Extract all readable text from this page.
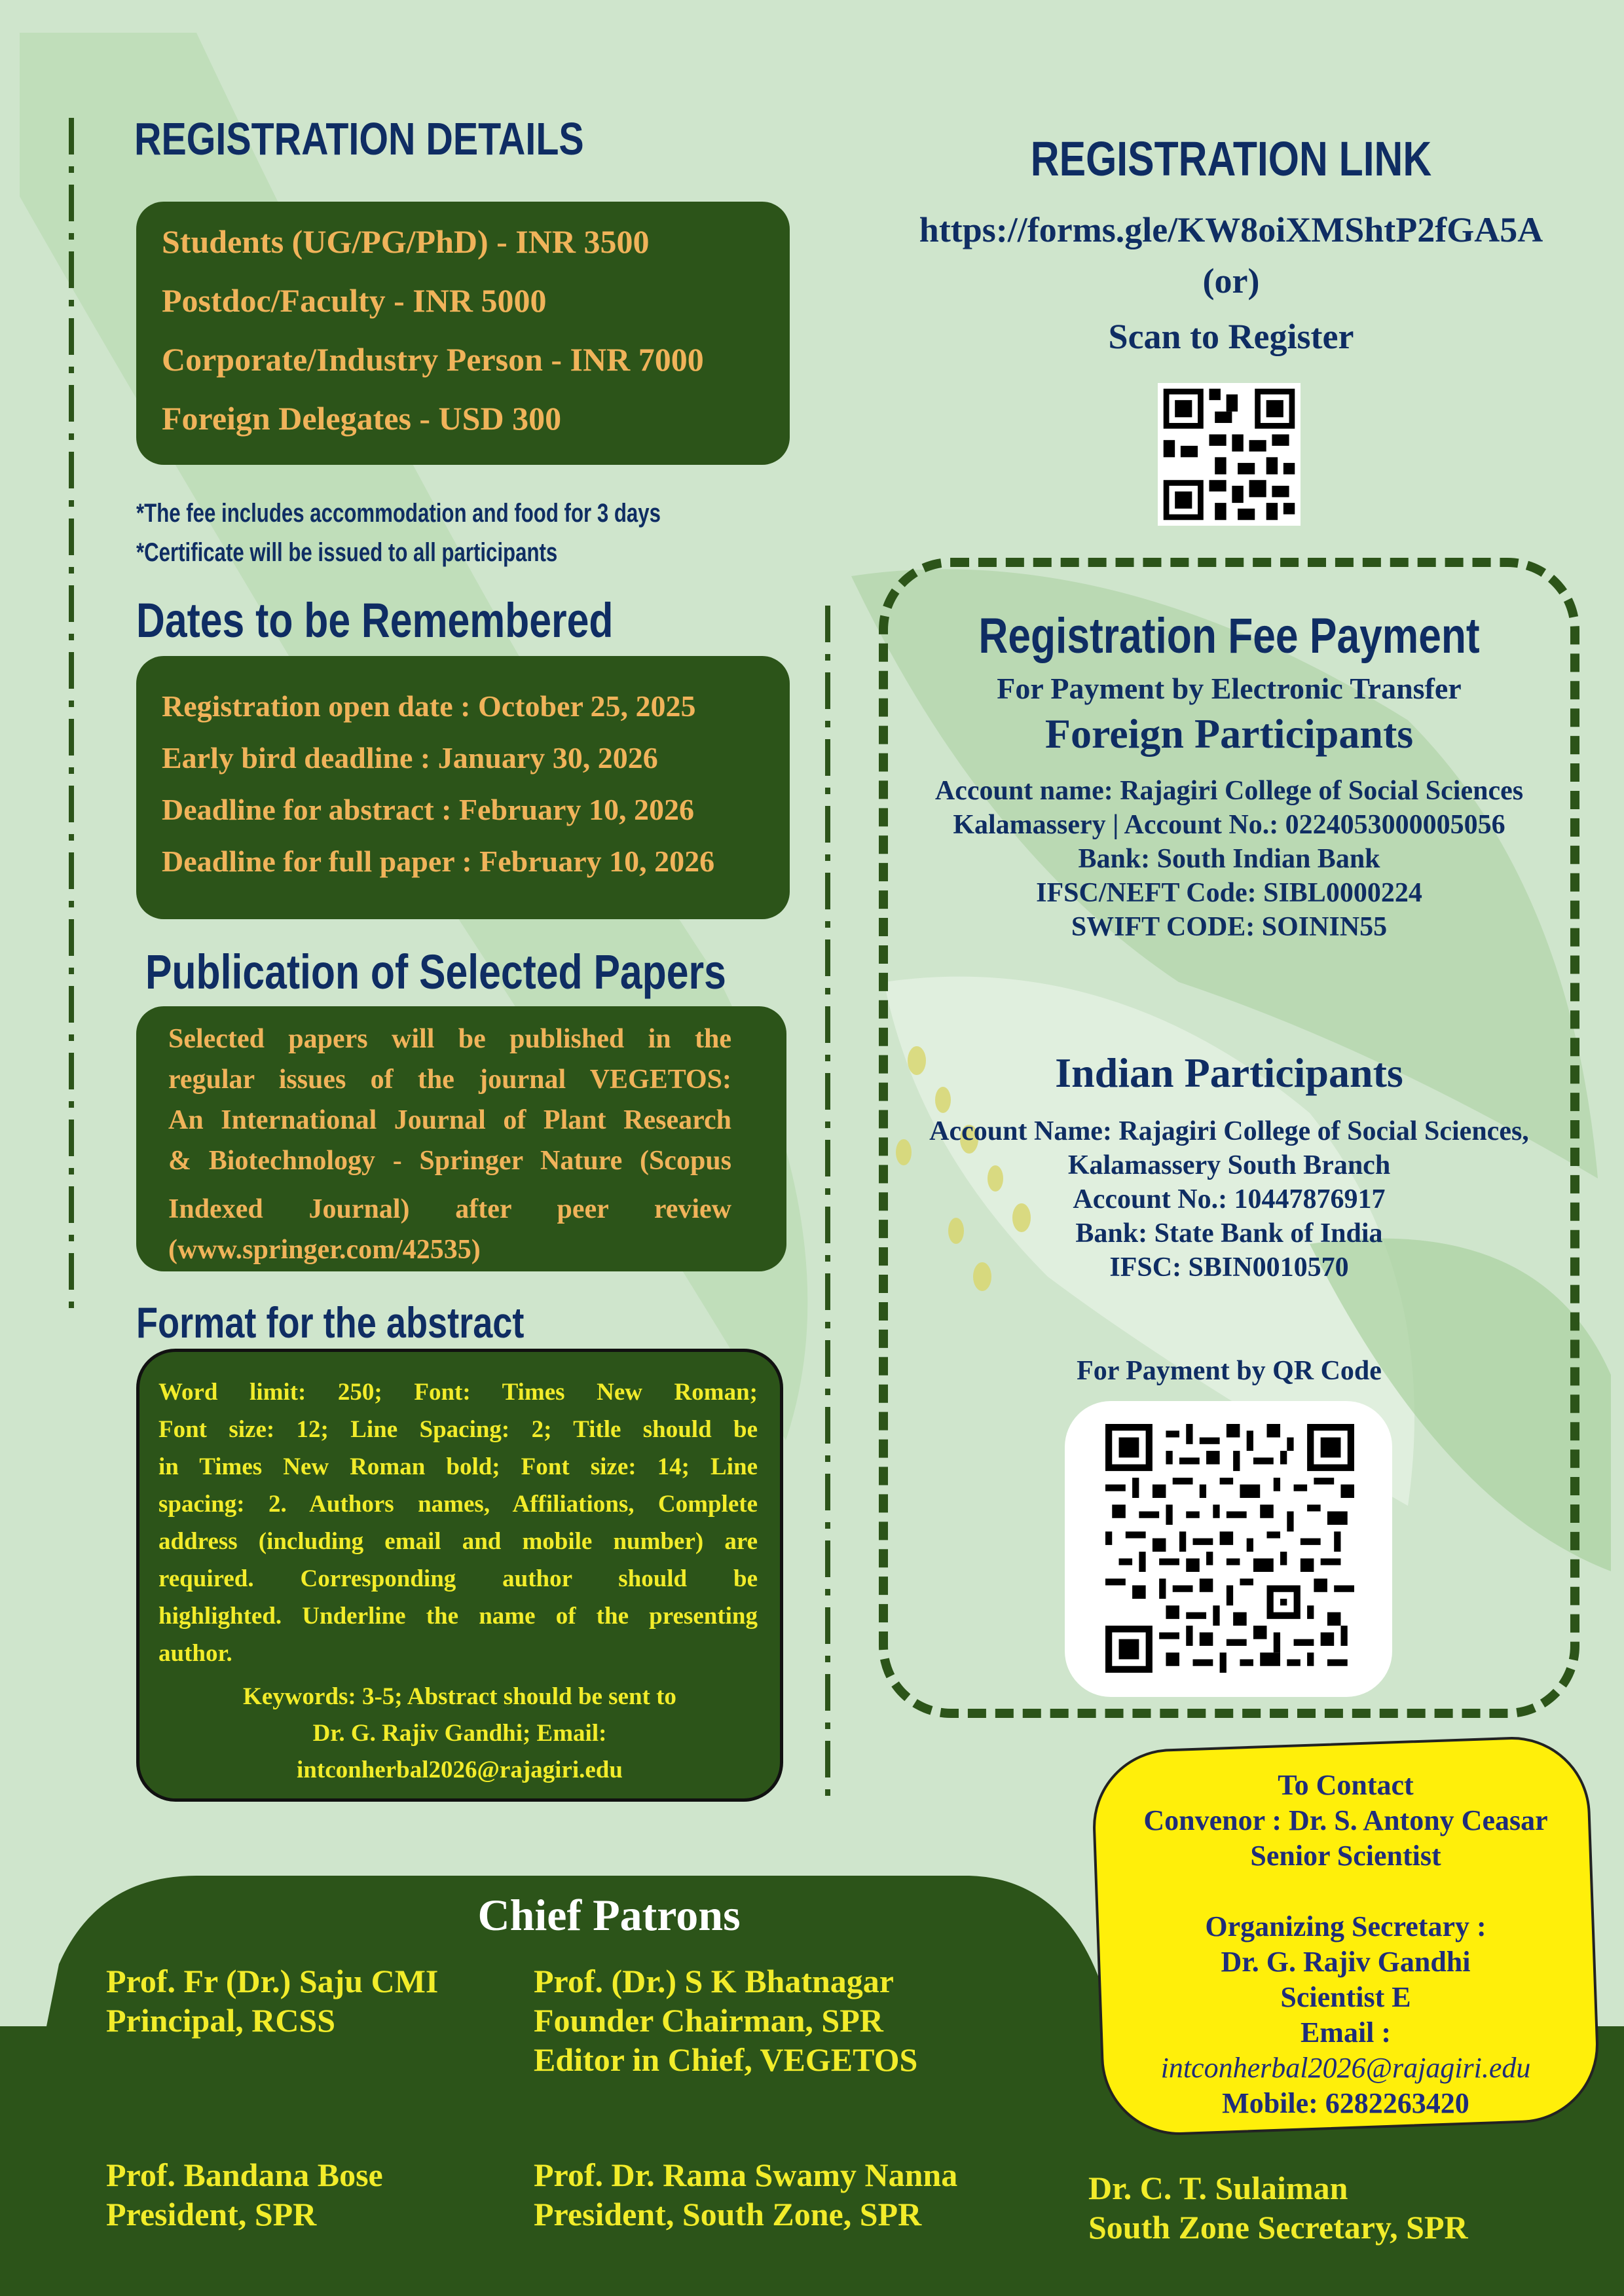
REGISTRATION DETAILS
Students (UG/PG/PhD) - INR 3500
Postdoc/Faculty - INR 5000
Corporate/Industry Person - INR 7000
Foreign Delegates - USD 300
*The fee includes accommodation and food for 3 days
*Certificate will be issued to all participants
Dates to be Remembered
Registration open date : October 25, 2025
Early bird deadline : January 30, 2026
Deadline for abstract : February 10, 2026
Deadline for full paper : February 10, 2026
Publication of Selected Papers
Selected papers will be published in the
regular issues of the journal VEGETOS:
An International Journal of Plant Research
& Biotechnology - Springer Nature (Scopus
Indexed Journal) after peer review
(www.springer.com/42535)
Format for the abstract
Word limit: 250; Font: Times New Roman;
Font size: 12; Line Spacing: 2; Title should be
in Times New Roman bold; Font size: 14; Line
spacing: 2. Authors names, Affiliations, Complete
address (including email and mobile number) are
required. Corresponding author should be
highlighted. Underline the name of the presenting
author.
Keywords: 3-5; Abstract should be sent to
Dr. G. Rajiv Gandhi; Email:
intconherbal2026@rajagiri.edu
REGISTRATION LINK
https://forms.gle/KW8oiXMShtP2fGA5A
(or)
Scan to Register
Registration Fee Payment
For Payment by Electronic Transfer
Foreign Participants
Account name: Rajagiri College of Social Sciences
Kalamassery | Account No.: 0224053000005056
Bank: South Indian Bank
IFSC/NEFT Code: SIBL0000224
SWIFT CODE: SOININ55
Indian Participants
Account Name: Rajagiri College of Social Sciences,
Kalamassery South Branch
Account No.: 10447876917
Bank: State Bank of India
IFSC: SBIN0010570
For Payment by QR Code
Chief Patrons
Prof. Fr (Dr.) Saju CMI
Principal, RCSS
Prof. (Dr.) S K Bhatnagar
Founder Chairman, SPR
Editor in Chief, VEGETOS
Prof. Bandana Bose
President, SPR
Prof. Dr. Rama Swamy Nanna
President, South Zone, SPR
Dr. C. T. Sulaiman
South Zone Secretary, SPR
To Contact
Convenor : Dr. S. Antony Ceasar
Senior Scientist

Organizing Secretary :
Dr. G. Rajiv Gandhi
Scientist E
Email :
intconherbal2026@rajagiri.edu
Mobile: 6282263420
